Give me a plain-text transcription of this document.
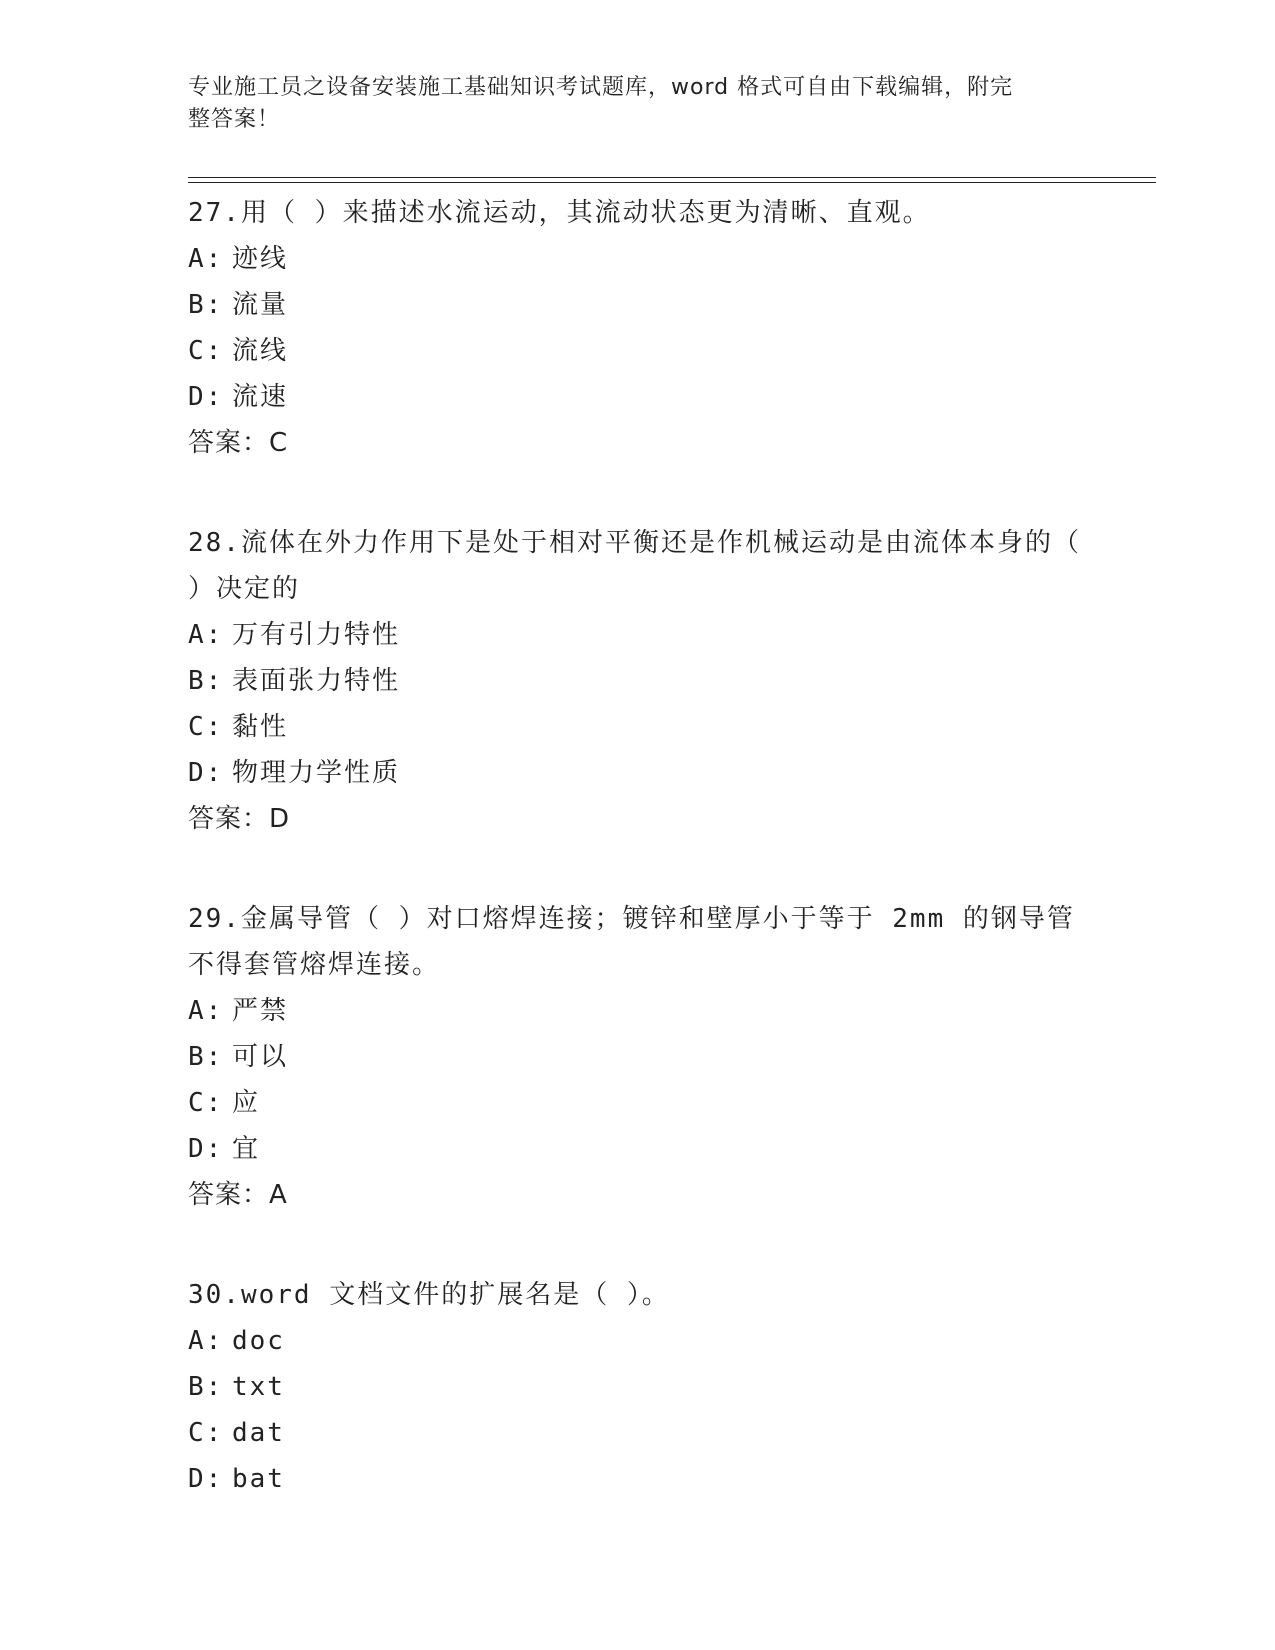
专业施工员之设备安装施工基础知识考试题库，word 格式可自由下载编辑，附完
整答案！
27.用（ ）来描述水流运动，其流动状态更为清晰、直观。
A: 迹线
B: 流量
C: 流线
D: 流速
答案：C
28.流体在外力作用下是处于相对平衡还是作机械运动是由流体本身的（ ）决定的
A: 万有引力特性
B: 表面张力特性
C: 黏性
D: 物理力学性质
答案：D
29.金属导管（ ）对口熔焊连接；镀锌和壁厚小于等于 2mm 的钢导管不得套管熔焊连接。
A: 严禁
B: 可以
C: 应
D: 宜
答案：A
30.word 文档文件的扩展名是（ ）。
A: doc
B: txt
C: dat
D: bat
